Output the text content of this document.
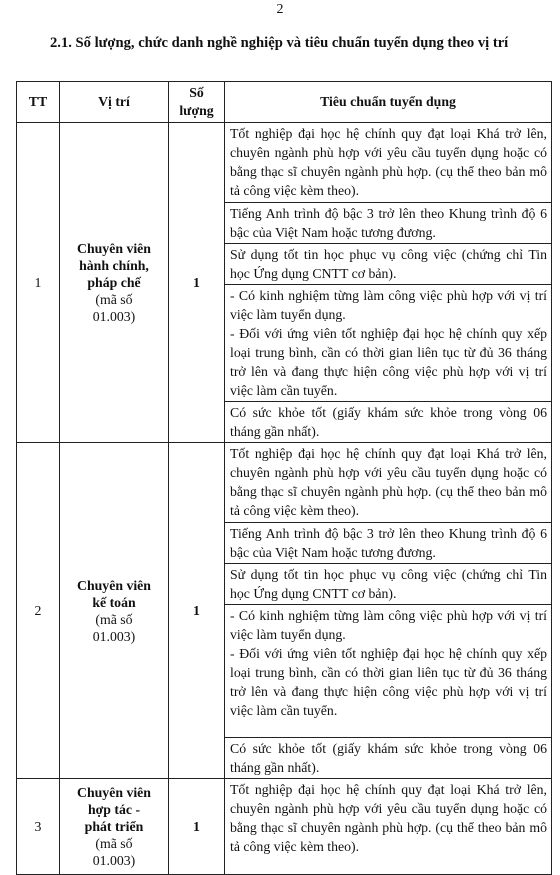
2
2.1. Số lượng, chức danh nghề nghiệp và tiêu chuẩn tuyển dụng theo vị trí
TT	Vị trí	Số
lượng	Tiêu chuẩn tuyển dụng
1	Chuyên viên
hành chính,
pháp chế
(mã số
01.003)	1	Tốt nghiệp đại học hệ chính quy đạt loại Khá trở lên, chuyên ngành phù hợp với yêu cầu tuyển dụng hoặc có bằng thạc sĩ chuyên ngành phù hợp. (cụ thể theo bản mô tả công việc kèm theo).
			Tiếng Anh trình độ bậc 3 trở lên theo Khung trình độ 6 bậc của Việt Nam hoặc tương đương.
			Sử dụng tốt tin học phục vụ công việc (chứng chỉ Tin học Ứng dụng CNTT cơ bản).
			- Có kinh nghiệm từng làm công việc phù hợp với vị trí việc làm tuyển dụng.
- Đối với ứng viên tốt nghiệp đại học hệ chính quy xếp loại trung bình, cần có thời gian liên tục từ đủ 36 tháng trở lên và đang thực hiện công việc phù hợp với vị trí việc làm cần tuyển.
			Có sức khỏe tốt (giấy khám sức khỏe trong vòng 06 tháng gần nhất).
2	Chuyên viên
kế toán
(mã số
01.003)	1	Tốt nghiệp đại học hệ chính quy đạt loại Khá trở lên, chuyên ngành phù hợp với yêu cầu tuyển dụng hoặc có bằng thạc sĩ chuyên ngành phù hợp. (cụ thể theo bản mô tả công việc kèm theo).
			Tiếng Anh trình độ bậc 3 trở lên theo Khung trình độ 6 bậc của Việt Nam hoặc tương đương.
			Sử dụng tốt tin học phục vụ công việc (chứng chỉ Tin học Ứng dụng CNTT cơ bản).
			- Có kinh nghiệm từng làm công việc phù hợp với vị trí việc làm tuyển dụng.
- Đối với ứng viên tốt nghiệp đại học hệ chính quy xếp loại trung bình, cần có thời gian liên tục từ đủ 36 tháng trở lên và đang thực hiện công việc phù hợp với vị trí việc làm cần tuyển.
			Có sức khỏe tốt (giấy khám sức khỏe trong vòng 06 tháng gần nhất).
3	Chuyên viên
hợp tác -
phát triển
(mã số
01.003)	1	Tốt nghiệp đại học hệ chính quy đạt loại Khá trở lên, chuyên ngành phù hợp với yêu cầu tuyển dụng hoặc có bằng thạc sĩ chuyên ngành phù hợp. (cụ thể theo bản mô tả công việc kèm theo).
